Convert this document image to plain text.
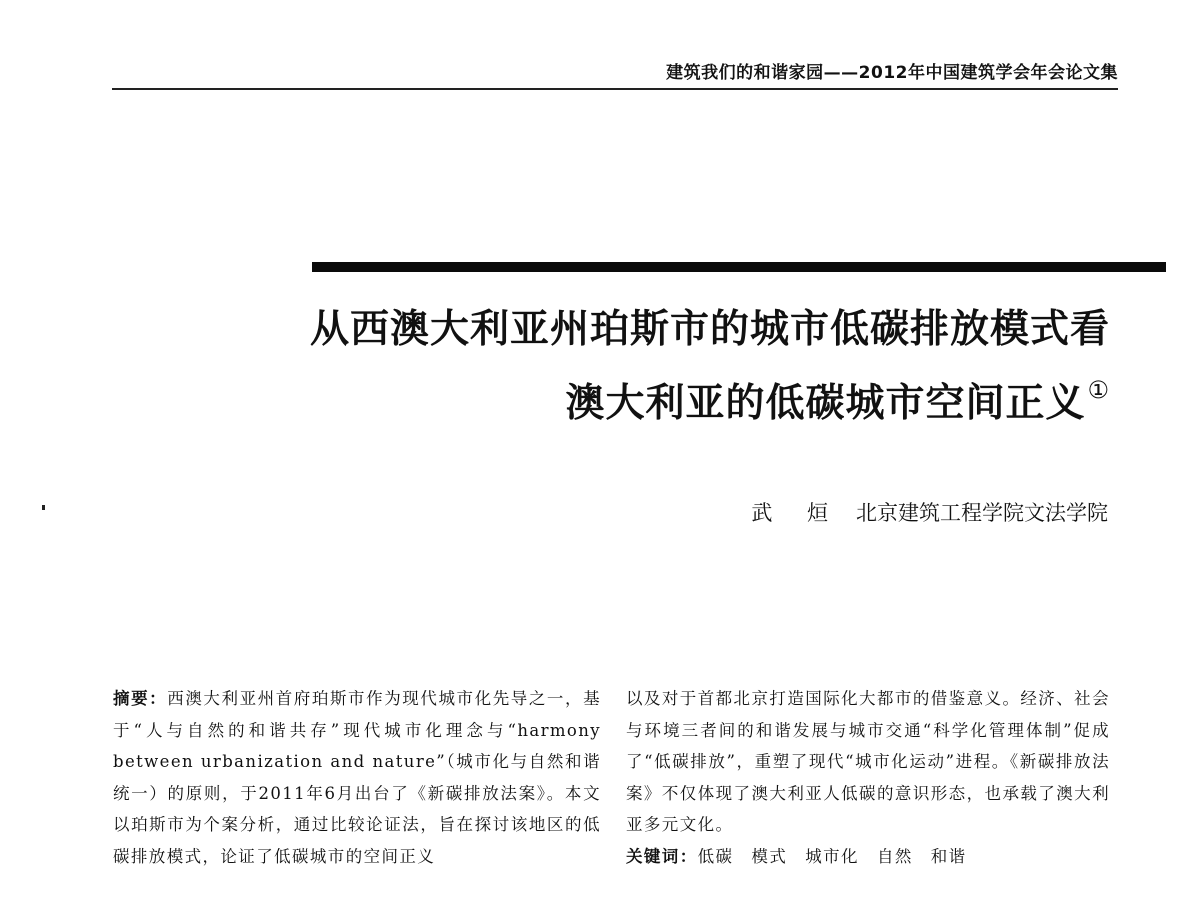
建筑我们的和谐家园——2012年中国建筑学会年会论文集
从西澳大利亚州珀斯市的城市低碳排放模式看
澳大利亚的低碳城市空间正义①
武 烜 北京建筑工程学院文法学院
摘要：西澳大利亚州首府珀斯市作为现代城市化先导之一，基于“人与自然的和谐共存”现代城市化理念与“harmony between urbanization and nature”（城市化与自然和谐统一）的原则，于2011年6月出台了《新碳排放法案》。本文以珀斯市为个案分析，通过比较论证法，旨在探讨该地区的低碳排放模式，论证了低碳城市的空间正义
以及对于首都北京打造国际化大都市的借鉴意义。经济、社会与环境三者间的和谐发展与城市交通“科学化管理体制”促成了“低碳排放”，重塑了现代“城市化运动”进程。《新碳排放法案》不仅体现了澳大利亚人低碳的意识形态，也承载了澳大利亚多元文化。
关键词：低碳 模式 城市化 自然 和谐
